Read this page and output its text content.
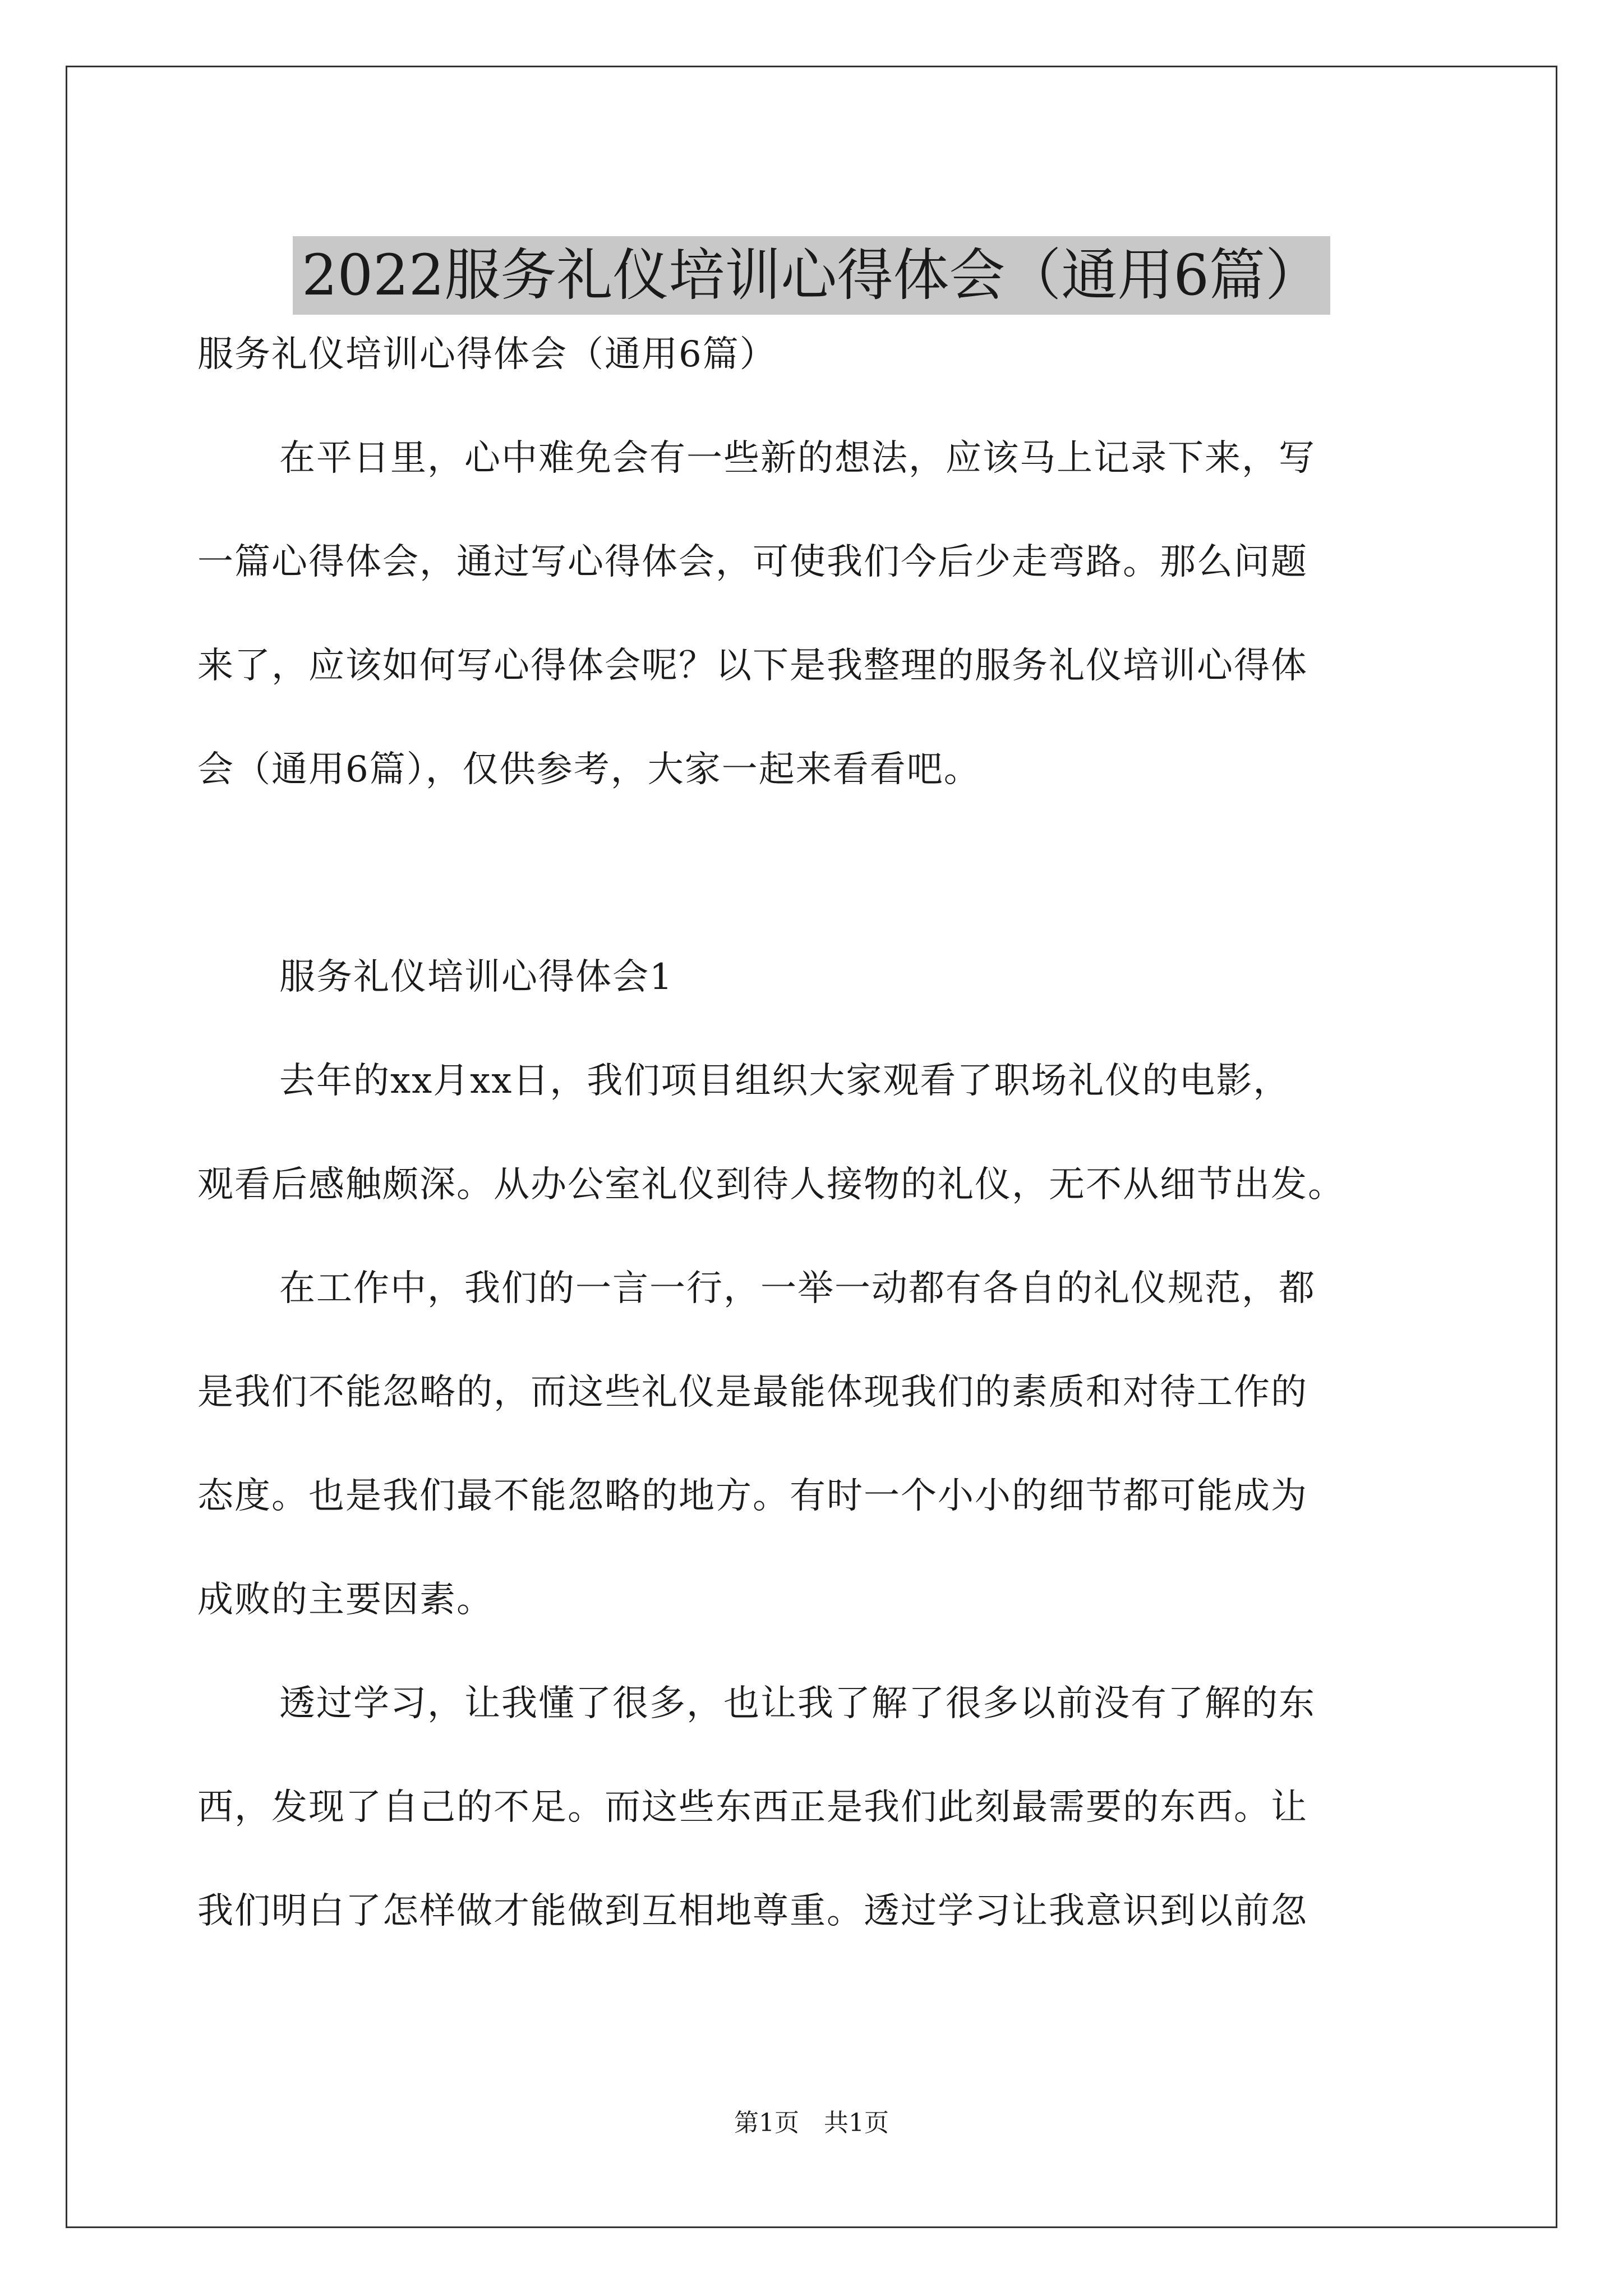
2022服务礼仪培训心得体会（通用6篇）
服务礼仪培训心得体会（通用6篇）
在平日里，心中难免会有一些新的想法，应该马上记录下来，写
一篇心得体会，通过写心得体会，可使我们今后少走弯路。那么问题
来了，应该如何写心得体会呢？以下是我整理的服务礼仪培训心得体
会（通用6篇），仅供参考，大家一起来看看吧。
服务礼仪培训心得体会1
去年的xx月xx日，我们项目组织大家观看了职场礼仪的电影，
观看后感触颇深。从办公室礼仪到待人接物的礼仪，无不从细节出发。
在工作中，我们的一言一行，一举一动都有各自的礼仪规范，都
是我们不能忽略的，而这些礼仪是最能体现我们的素质和对待工作的
态度。也是我们最不能忽略的地方。有时一个小小的细节都可能成为
成败的主要因素。
透过学习，让我懂了很多，也让我了解了很多以前没有了解的东
西，发现了自己的不足。而这些东西正是我们此刻最需要的东西。让
我们明白了怎样做才能做到互相地尊重。透过学习让我意识到以前忽
第1页　共1页
